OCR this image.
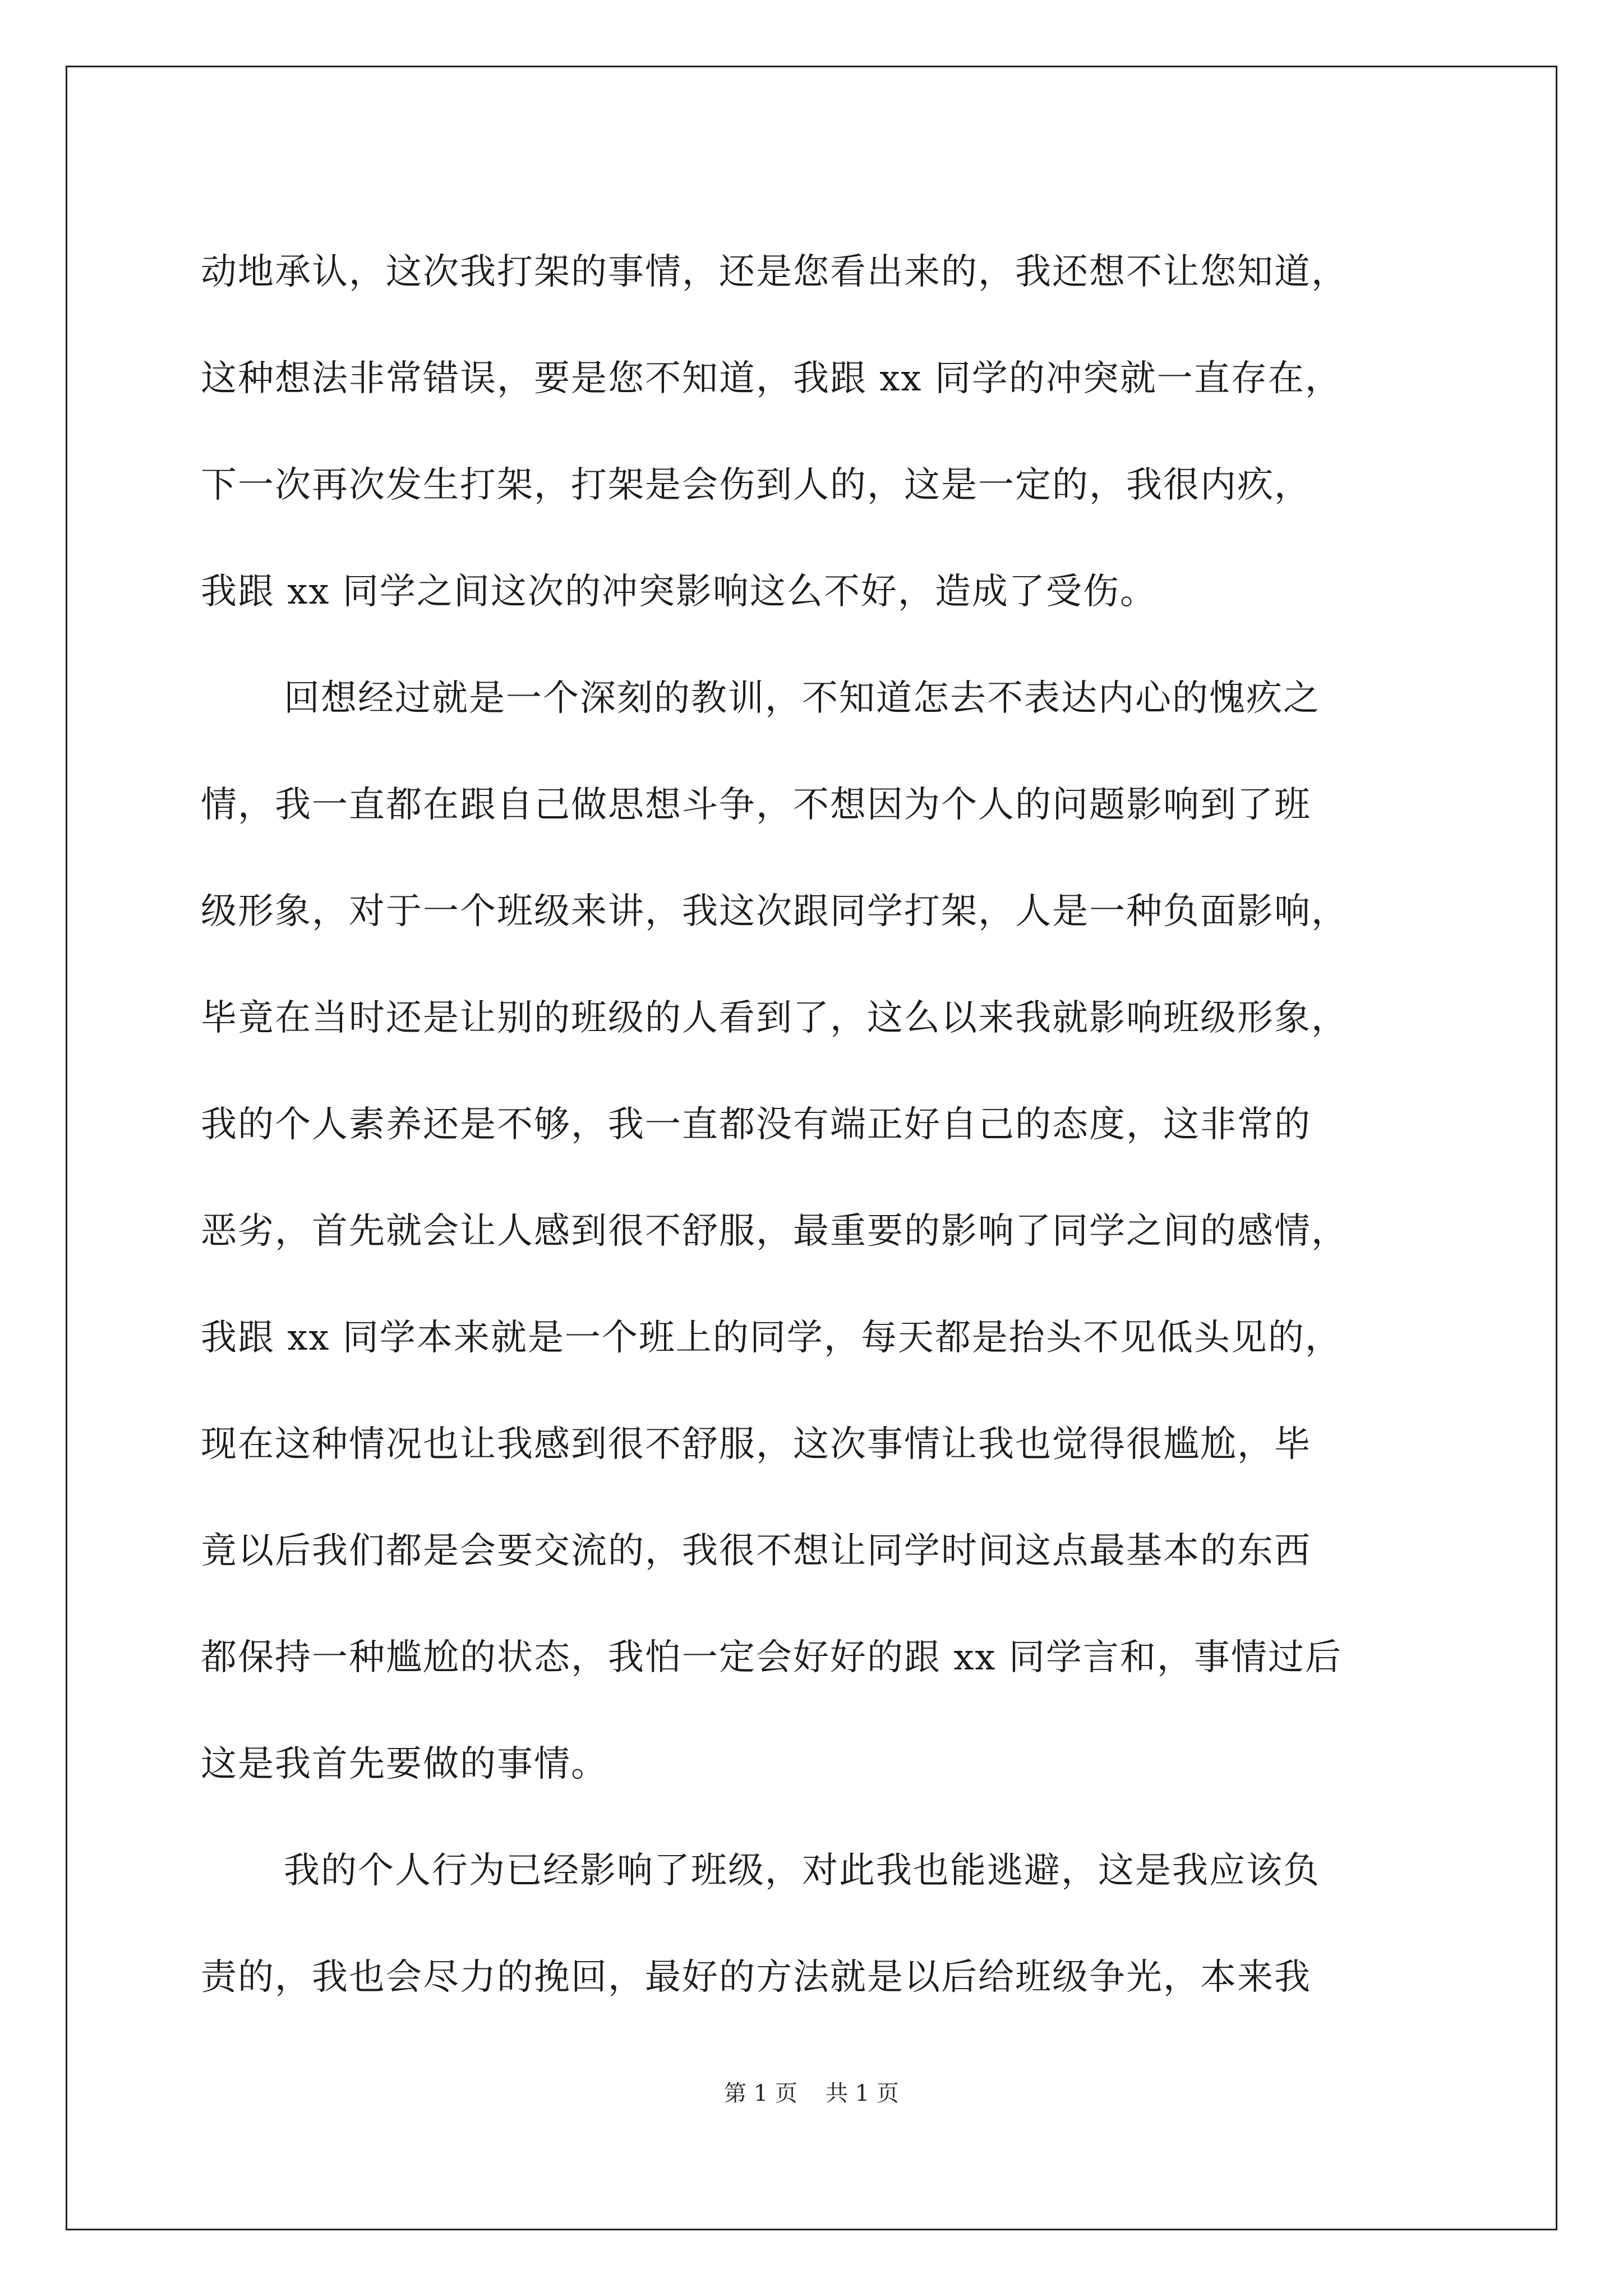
动地承认，这次我打架的事情，还是您看出来的，我还想不让您知道，
这种想法非常错误，要是您不知道，我跟 xx 同学的冲突就一直存在，
下一次再次发生打架，打架是会伤到人的，这是一定的，我很内疚，
我跟 xx 同学之间这次的冲突影响这么不好，造成了受伤。
回想经过就是一个深刻的教训，不知道怎去不表达内心的愧疚之
情，我一直都在跟自己做思想斗争，不想因为个人的问题影响到了班
级形象，对于一个班级来讲，我这次跟同学打架，人是一种负面影响，
毕竟在当时还是让别的班级的人看到了，这么以来我就影响班级形象，
我的个人素养还是不够，我一直都没有端正好自己的态度，这非常的
恶劣，首先就会让人感到很不舒服，最重要的影响了同学之间的感情，
我跟 xx 同学本来就是一个班上的同学，每天都是抬头不见低头见的，
现在这种情况也让我感到很不舒服，这次事情让我也觉得很尴尬，毕
竟以后我们都是会要交流的，我很不想让同学时间这点最基本的东西
都保持一种尴尬的状态，我怕一定会好好的跟 xx 同学言和，事情过后
这是我首先要做的事情。
我的个人行为已经影响了班级，对此我也能逃避，这是我应该负
责的，我也会尽力的挽回，最好的方法就是以后给班级争光，本来我
第 1 页 共 1 页
